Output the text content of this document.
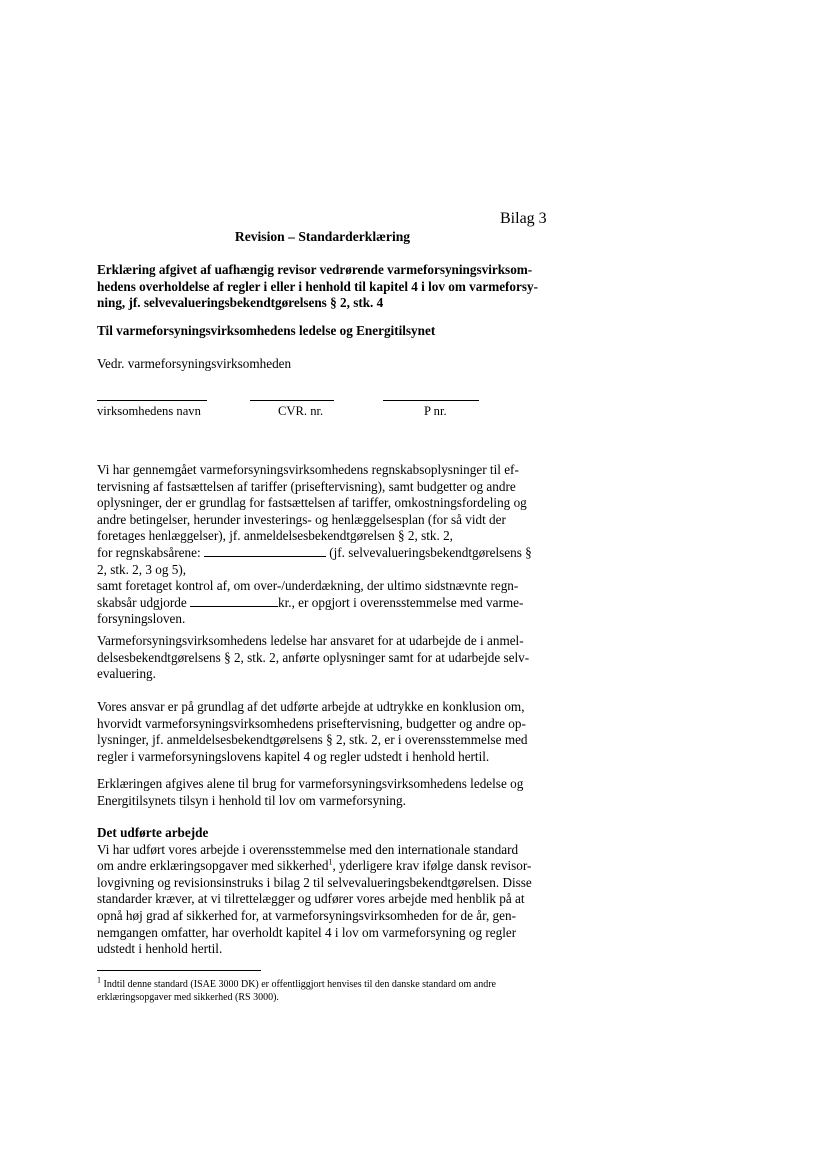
Bilag 3
Revision – Standarderklæring
Erklæring afgivet af uafhængig revisor vedrørende varmeforsyningsvirksom-
hedens overholdelse af regler i eller i henhold til kapitel 4 i lov om varmeforsy-
ning, jf. selvevalueringsbekendtgørelsens § 2, stk. 4
Til varmeforsyningsvirksomhedens ledelse og Energitilsynet
Vedr. varmeforsyningsvirksomheden
virksomhedens navn	CVR. nr.	P nr.
Vi har gennemgået varmeforsyningsvirksomhedens regnskabsoplysninger til ef-
tervisning af fastsættelsen af tariffer (priseftervisning), samt budgetter og andre
oplysninger, der er grundlag for fastsættelsen af tariffer, omkostningsfordeling og
andre betingelser, herunder investerings- og henlæggelsesplan (for så vidt der
foretages henlæggelser), jf. anmeldelsesbekendtgørelsen § 2, stk. 2,
for regnskabsårene:	(jf. selvevalueringsbekendtgørelsens §
2, stk. 2, 3 og 5),
samt foretaget kontrol af, om over-/underdækning, der ultimo sidstnævnte regn-
skabsår udgjorde	kr., er opgjort i overensstemmelse med varme-
forsyningsloven.
Varmeforsyningsvirksomhedens ledelse har ansvaret for at udarbejde de i anmel-
delsesbekendtgørelsens § 2, stk. 2, anførte oplysninger samt for at udarbejde selv-
evaluering.
Vores ansvar er på grundlag af det udførte arbejde at udtrykke en konklusion om,
hvorvidt varmeforsyningsvirksomhedens priseftervisning, budgetter og andre op-
lysninger, jf. anmeldelsesbekendtgørelsens § 2, stk. 2, er i overensstemmelse med
regler i varmeforsyningslovens kapitel 4 og regler udstedt i henhold hertil.
Erklæringen afgives alene til brug for varmeforsyningsvirksomhedens ledelse og
Energitilsynets tilsyn i henhold til lov om varmeforsyning.
Det udførte arbejde
Vi har udført vores arbejde i overensstemmelse med den internationale standard
om andre erklæringsopgaver med sikkerhed$^1$, yderligere krav ifølge dansk revisor-
lovgivning og revisionsinstruks i bilag 2 til selvevalueringsbekendtgørelsen. Disse
standarder kræver, at vi tilrettelægger og udfører vores arbejde med henblik på at
opnå høj grad af sikkerhed for, at varmeforsyningsvirksomheden for de år, gen-
nemgangen omfatter, har overholdt kapitel 4 i lov om varmeforsyning og regler
udstedt i henhold hertil.
$^1$ Indtil denne standard (ISAE 3000 DK) er offentliggjort henvises til den danske standard om andre erklæringsopgaver med sikkerhed (RS 3000).
